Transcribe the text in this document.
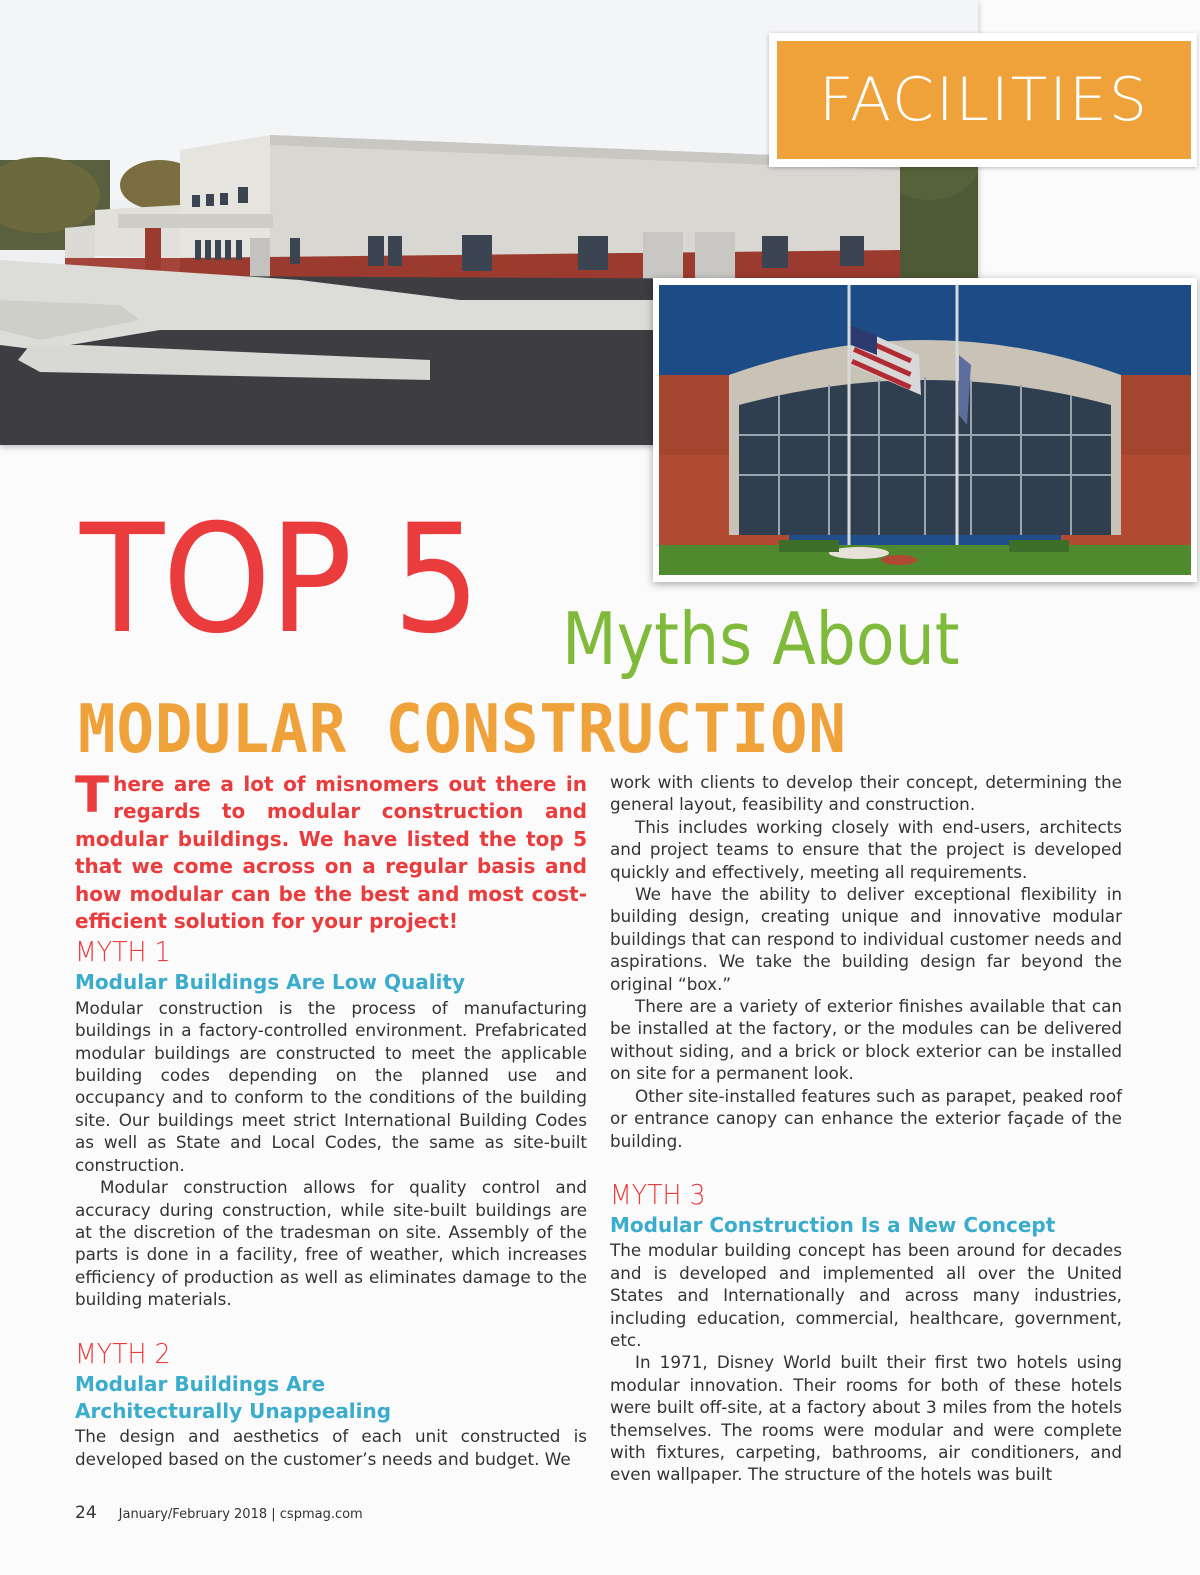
FACILITIES
TOP 5 Myths About
MODULAR CONSTRUCTION

There are a lot of misnomers out there in regards to modular construction and modular buildings. We have listed the top 5 that we come across on a regular basis and how modular can be the best and most cost-efficient solution for your project!

MYTH 1
Modular Buildings Are Low Quality

Modular construction is the process of manufacturing buildings in a factory-controlled environment. Prefabricated modular buildings are constructed to meet the applicable building codes depending on the planned use and occupancy and to conform to the conditions of the building site. Our buildings meet strict International Building Codes as well as State and Local Codes, the same as site-built construction.

Modular construction allows for quality control and accuracy during construction, while site-built buildings are at the discretion of the tradesman on site. Assembly of the parts is done in a facility, free of weather, which increases efficiency of production as well as eliminates damage to the building materials.

MYTH 2
Modular Buildings Are
Architecturally Unappealing

The design and aesthetics of each unit constructed is developed based on the customer’s needs and budget. We

work with clients to develop their concept, determining the general layout, feasibility and construction.

This includes working closely with end-users, architects and project teams to ensure that the project is developed quickly and effectively, meeting all requirements.

We have the ability to deliver exceptional flexibility in building design, creating unique and innovative modular buildings that can respond to individual customer needs and aspirations. We take the building design far beyond the original “box.”

There are a variety of exterior finishes available that can be installed at the factory, or the modules can be delivered without siding, and a brick or block exterior can be installed on site for a permanent look.

Other site-installed features such as parapet, peaked roof or entrance canopy can enhance the exterior façade of the building.

MYTH 3
Modular Construction Is a New Concept

The modular building concept has been around for decades and is developed and implemented all over the United States and Internationally and across many industries, including education, commercial, healthcare, government, etc.

In 1971, Disney World built their first two hotels using modular innovation. Their rooms for both of these hotels were built off-site, at a factory about 3 miles from the hotels themselves. The rooms were modular and were complete with fixtures, carpeting, bathrooms, air conditioners, and even wallpaper. The structure of the hotels was built

24 January/February 2018 | cspmag.com
